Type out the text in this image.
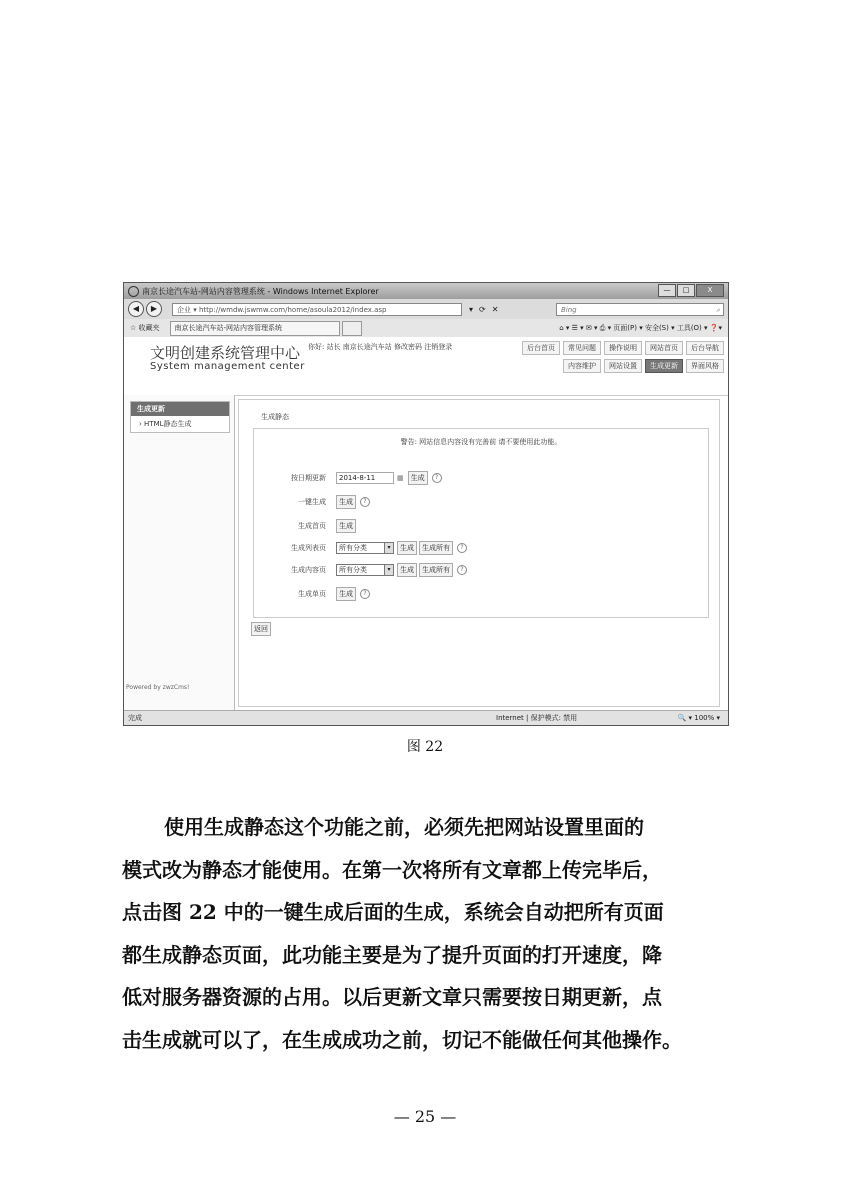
南京长途汽车站-网站内容管理系统 - Windows Internet Explorer	—	□	X
◀	▶	企业 ▾ http://wmdw.jswmw.com/home/asoula2012/index.asp	▾ ⟳ ✕	Bing	⌕
☆ 收藏夹	南京长途汽车站-网站内容管理系统	⌂ ▾ ☰ ▾ ✉ ▾ ⎙ ▾ 页面(P) ▾ 安全(S) ▾ 工具(O) ▾ ❓▾
文明创建系统管理中心
System management center
你好: 站长 南京长途汽车站 修改密码 注销登录	后台首页	常见问题	操作说明	网站首页	后台导航
内容维护	网站设置	生成更新	界面风格
生成更新
› HTML静态生成
Powered by zwzCms!
生成静态
警告: 网站信息内容没有完善前 请不要使用此功能。
按日期更新	2014-8-11	▦	生成	?
一键生成	生成	?
生成首页	生成
生成列表页	所有分类	▾	生成	生成所有	?
生成内容页	所有分类	▾	生成	生成所有	?
生成单页	生成	?
返回
完成	Internet | 保护模式: 禁用	🔍 ▾ 100% ▾
图 22

使用生成静态这个功能之前，必须先把网站设置里面的

模式改为静态才能使用。在第一次将所有文章都上传完毕后，

点击图 22 中的一键生成后面的生成，系统会自动把所有页面

都生成静态页面，此功能主要是为了提升页面的打开速度，降

低对服务器资源的占用。以后更新文章只需要按日期更新，点

击生成就可以了，在生成成功之前，切记不能做任何其他操作。

— 25 —
